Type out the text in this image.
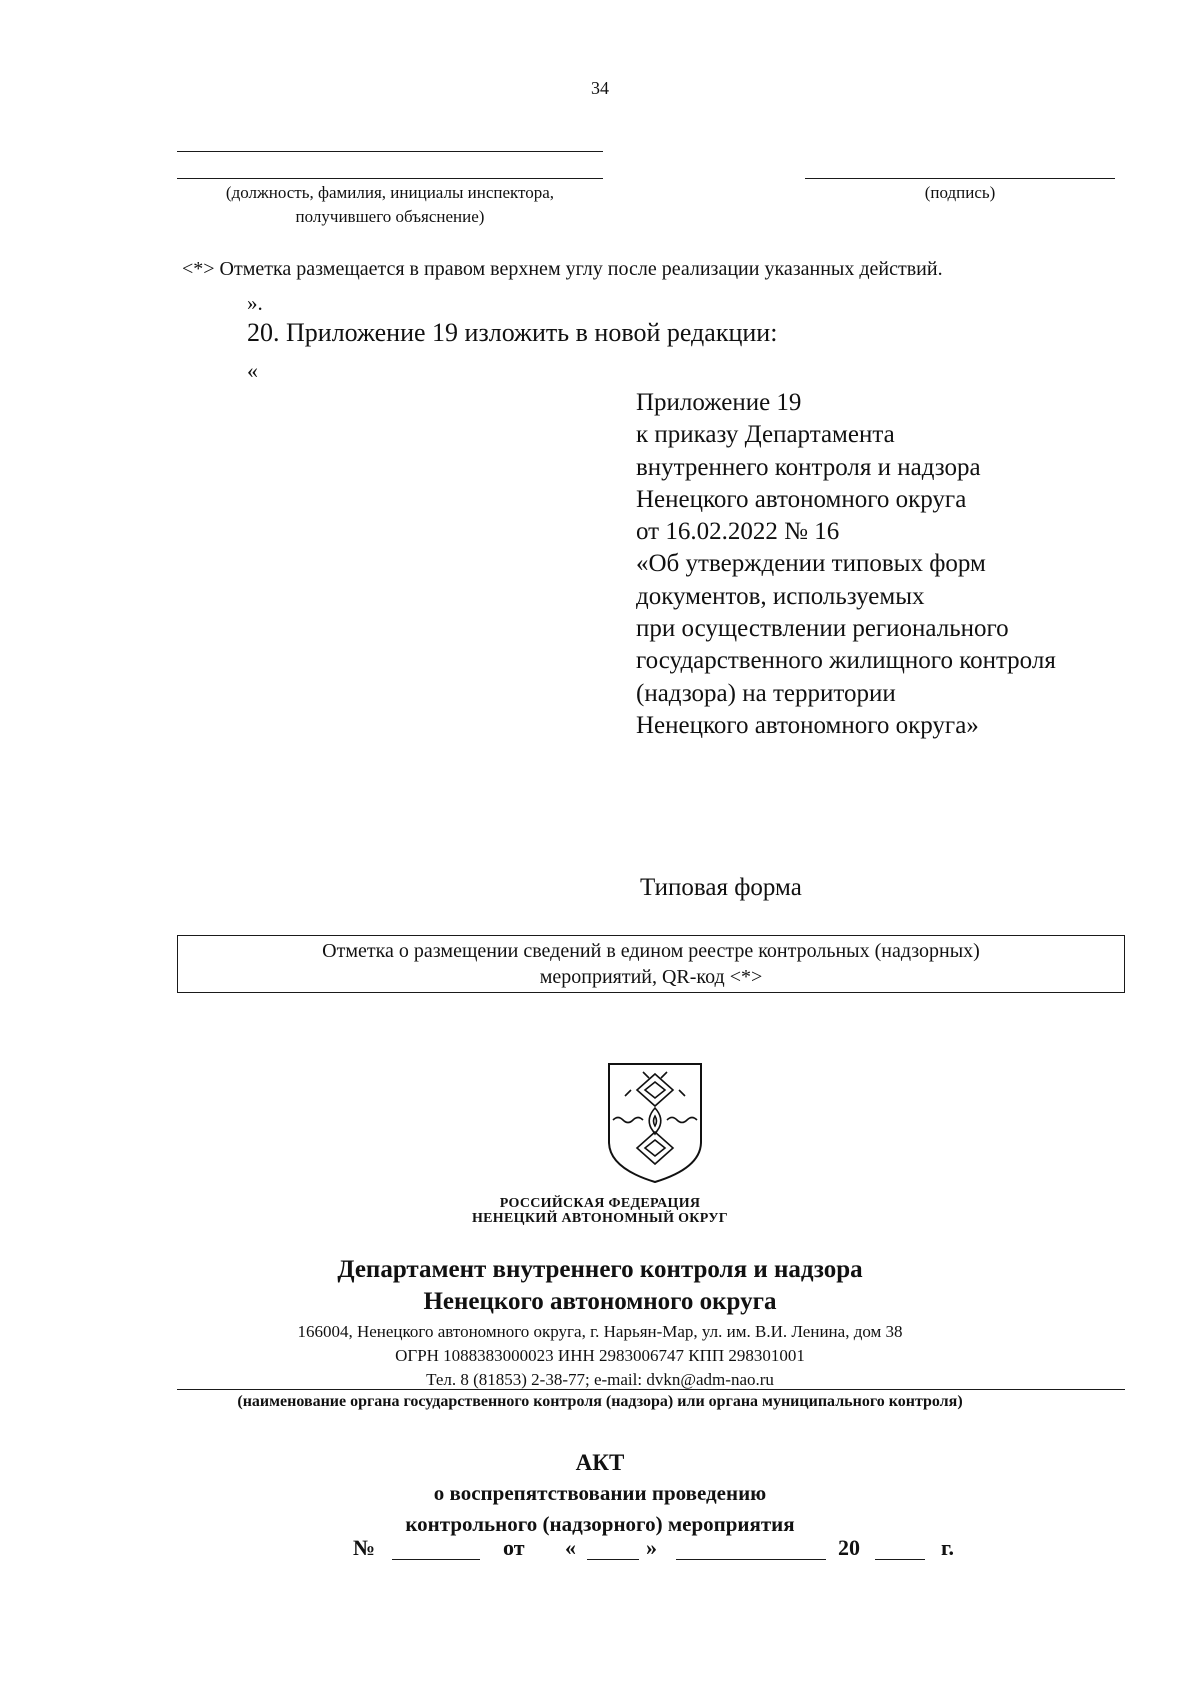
34
(должность, фамилия, инициалы инспектора,
получившего объяснение)
(подпись)
<*> Отметка размещается в правом верхнем углу после реализации указанных действий.
».
20. Приложение 19 изложить в новой редакции:
«
Приложение 19
к приказу Департамента
внутреннего контроля и надзора
Ненецкого автономного округа
от 16.02.2022 № 16
«Об утверждении типовых форм
документов, используемых
при осуществлении регионального
государственного жилищного контроля
(надзора) на территории
Ненецкого автономного округа»
Типовая форма
Отметка о размещении сведений в едином реестре контрольных (надзорных)
мероприятий, QR-код <*>
РОССИЙСКАЯ ФЕДЕРАЦИЯ
НЕНЕЦКИЙ АВТОНОМНЫЙ ОКРУГ
Департамент внутреннего контроля и надзора
Ненецкого автономного округа
166004, Ненецкого автономного округа, г. Нарьян-Мар, ул. им. В.И. Ленина, дом 38
ОГРН 1088383000023 ИНН 2983006747 КПП 298301001
Тел. 8 (81853) 2-38-77; e-mail: dvkn@adm-nao.ru
(наименование органа государственного контроля (надзора) или органа муниципального контроля)
АКТ
о воспрепятствовании проведению
контрольного (надзорного) мероприятия
№	от «	»	20	г.
